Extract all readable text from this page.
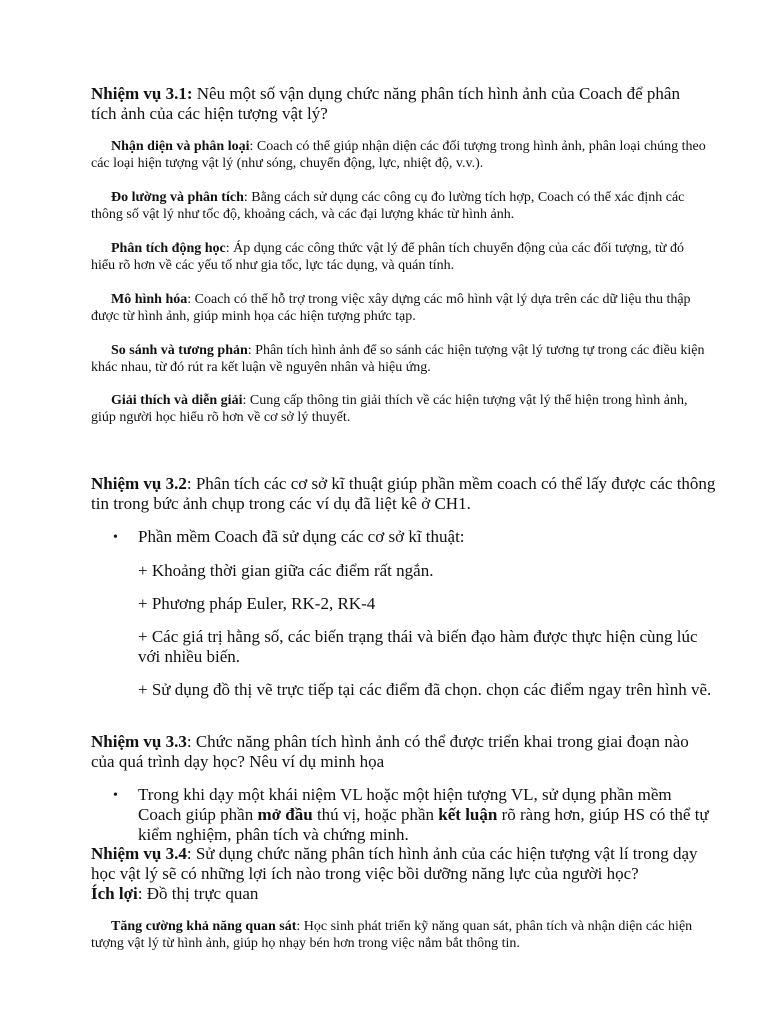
Nhiệm vụ 3.1: Nêu một số vận dụng chức năng phân tích hình ảnh của Coach để phân tích ảnh của các hiện tượng vật lý?
Nhận diện và phân loại: Coach có thể giúp nhận diện các đối tượng trong hình ảnh, phân loại chúng theo các loại hiện tượng vật lý (như sóng, chuyển động, lực, nhiệt độ, v.v.).
Đo lường và phân tích: Bằng cách sử dụng các công cụ đo lường tích hợp, Coach có thể xác định các thông số vật lý như tốc độ, khoảng cách, và các đại lượng khác từ hình ảnh.
Phân tích động học: Áp dụng các công thức vật lý để phân tích chuyển động của các đối tượng, từ đó hiểu rõ hơn về các yếu tố như gia tốc, lực tác dụng, và quán tính.
Mô hình hóa: Coach có thể hỗ trợ trong việc xây dựng các mô hình vật lý dựa trên các dữ liệu thu thập được từ hình ảnh, giúp minh họa các hiện tượng phức tạp.
So sánh và tương phản: Phân tích hình ảnh để so sánh các hiện tượng vật lý tương tự trong các điều kiện khác nhau, từ đó rút ra kết luận về nguyên nhân và hiệu ứng.
Giải thích và diễn giải: Cung cấp thông tin giải thích về các hiện tượng vật lý thể hiện trong hình ảnh, giúp người học hiểu rõ hơn về cơ sở lý thuyết.
Nhiệm vụ 3.2: Phân tích các cơ sở kĩ thuật giúp phần mềm coach có thể lấy được các thông tin trong bức ảnh chụp trong các ví dụ đã liệt kê ở CH1.
• Phần mềm Coach đã sử dụng các cơ sở kĩ thuật:
+ Khoảng thời gian giữa các điểm rất ngắn.
+ Phương pháp Euler, RK-2, RK-4
+ Các giá trị hằng số, các biến trạng thái và biến đạo hàm được thực hiện cùng lúc với nhiều biến.
+ Sử dụng đồ thị vẽ trực tiếp tại các điểm đã chọn. chọn các điểm ngay trên hình vẽ.
Nhiệm vụ 3.3: Chức năng phân tích hình ảnh có thể được triển khai trong giai đoạn nào của quá trình dạy học? Nêu ví dụ minh họa
• Trong khi dạy một khái niệm VL hoặc một hiện tượng VL, sử dụng phần mềm Coach giúp phần mở đầu thú vị, hoặc phần kết luận rõ ràng hơn, giúp HS có thể tự kiểm nghiệm, phân tích và chứng minh.
Nhiệm vụ 3.4: Sử dụng chức năng phân tích hình ảnh của các hiện tượng vật lí trong dạy học vật lý sẽ có những lợi ích nào trong việc bồi dưỡng năng lực của người học?
Ích lợi: Đồ thị trực quan
Tăng cường khả năng quan sát: Học sinh phát triển kỹ năng quan sát, phân tích và nhận diện các hiện tượng vật lý từ hình ảnh, giúp họ nhạy bén hơn trong việc nắm bắt thông tin.
